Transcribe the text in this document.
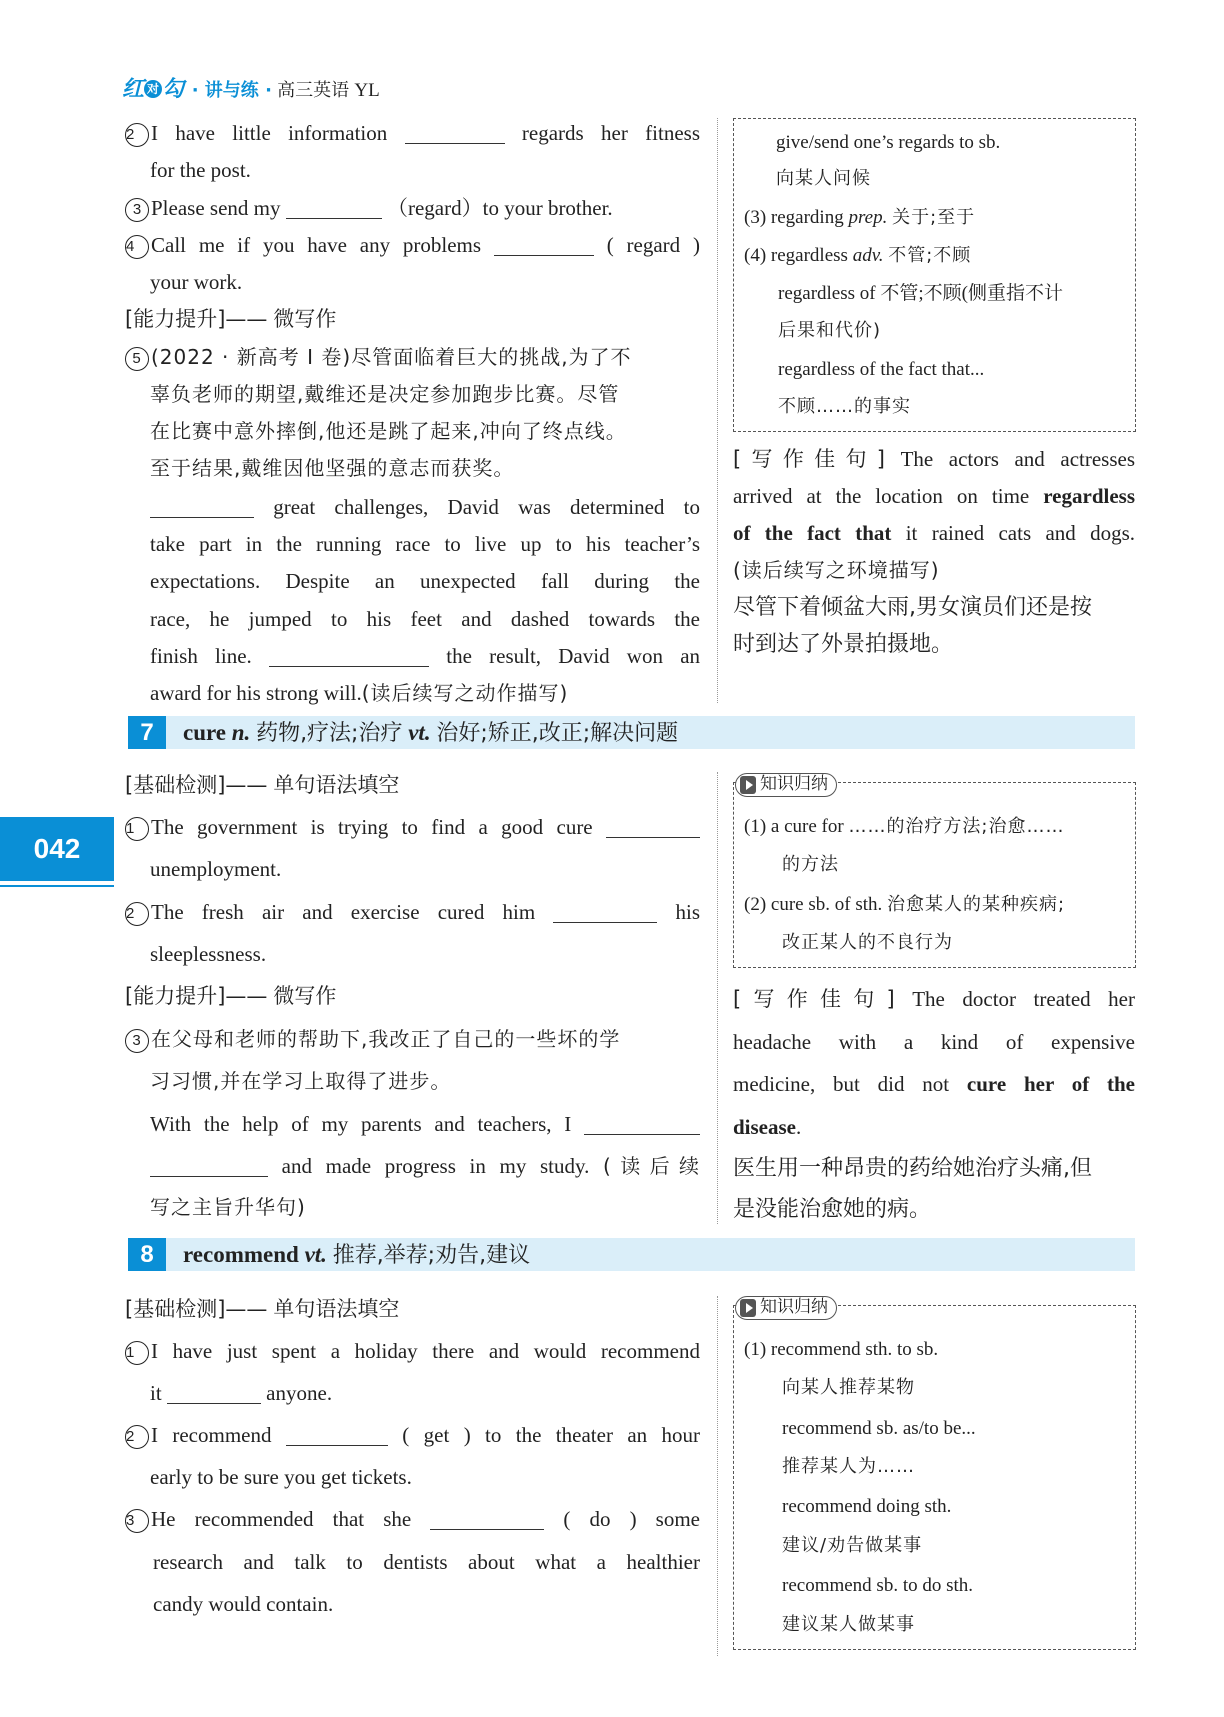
红 对 勾 · 讲与练 · 高三英语 YL
042
2 I have little information	regards her fitness
for the post.
3 Please send my	（regard）to your brother.
4 Call me if you have any problems	( regard )
your work.
[能力提升]—— 微写作
5 (2022 · 新高考 Ⅰ 卷)尽管面临着巨大的挑战,为了不
辜负老师的期望,戴维还是决定参加跑步比赛。尽管
在比赛中意外摔倒,他还是跳了起来,冲向了终点线。
至于结果,戴维因他坚强的意志而获奖。
great challenges, David was determined to
take part in the running race to live up to his teacher’s
expectations. Despite an unexpected fall during the
race, he jumped to his feet and dashed towards the
finish line.	the result, David won an
award for his strong will.(读后续写之动作描写)
give/send one’s regards to sb.
向某人问候
(3) regarding prep. 关于;至于
(4) regardless adv. 不管;不顾
regardless of 不管;不顾(侧重指不计
后果和代价)
regardless of the fact that...
不顾……的事实
[写作佳句] The actors and actresses
arrived at the location on time regardless
of the fact that it rained cats and dogs.
(读后续写之环境描写)
尽管下着倾盆大雨,男女演员们还是按
时到达了外景拍摄地。
7	cure n. 药物,疗法;治疗 vt. 治好;矫正,改正;解决问题
[基础检测]—— 单句语法填空
1 The government is trying to find a good cure
unemployment.
2 The fresh air and exercise cured him	his
sleeplessness.
[能力提升]—— 微写作
3 在父母和老师的帮助下,我改正了自己的一些坏的学
习习惯,并在学习上取得了进步。
With the help of my parents and teachers, I
and made progress in my study. (读后续
写之主旨升华句)
知识归纳
(1) a cure for ……的治疗方法;治愈……
的方法
(2) cure sb. of sth. 治愈某人的某种疾病;
改正某人的不良行为
[写作佳句] The doctor treated her
headache with a kind of expensive
medicine, but did not cure her of the
disease.
医生用一种昂贵的药给她治疗头痛,但
是没能治愈她的病。
8	recommend vt. 推荐,举荐;劝告,建议
[基础检测]—— 单句语法填空
1 I have just spent a holiday there and would recommend
it	anyone.
2 I recommend	( get ) to the theater an hour
early to be sure you get tickets.
3 He recommended that she	( do ) some
research and talk to dentists about what a healthier
candy would contain.
知识归纳
(1) recommend sth. to sb.
向某人推荐某物
recommend sb. as/to be...
推荐某人为……
recommend doing sth.
建议/劝告做某事
recommend sb. to do sth.
建议某人做某事
